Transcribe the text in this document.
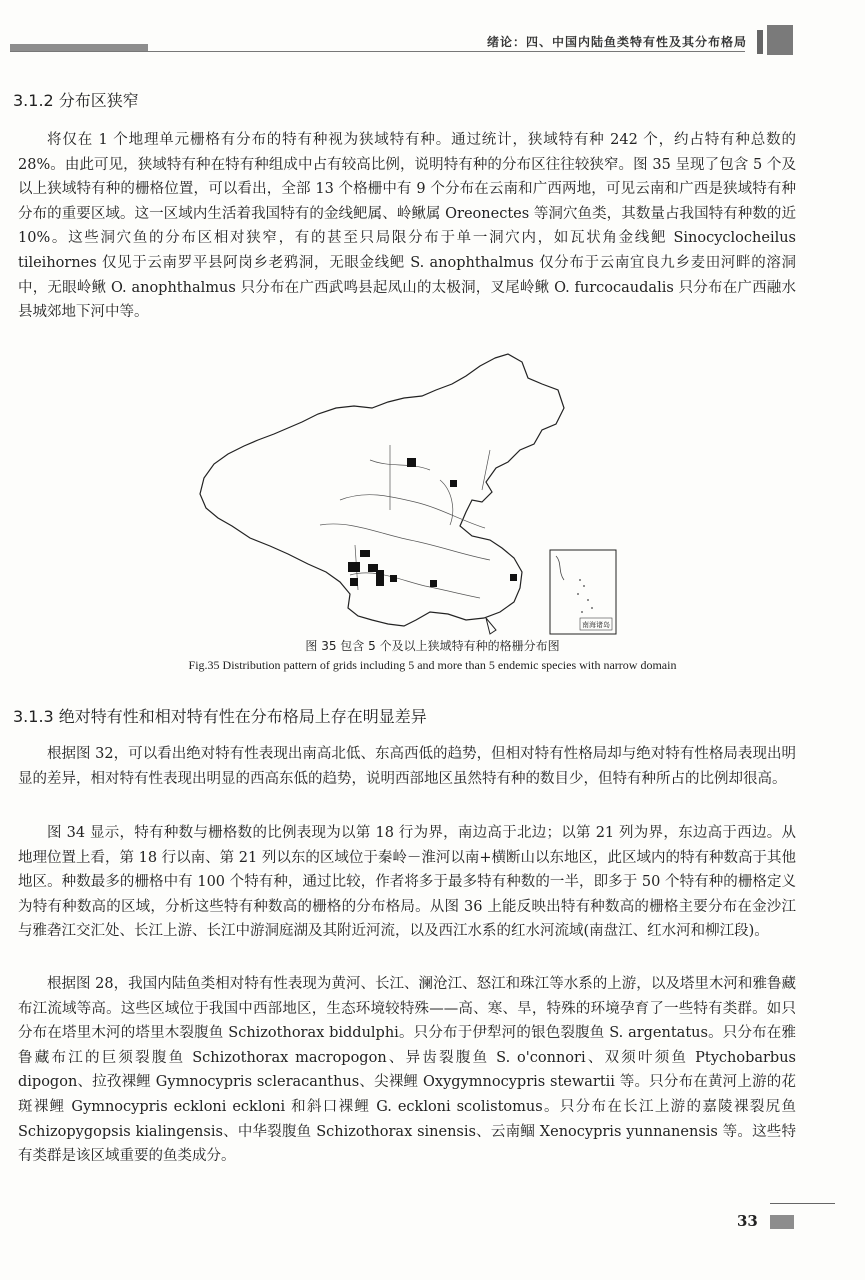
绪论：四、中国内陆鱼类特有性及其分布格局
3.1.2 分布区狭窄

将仅在 1 个地理单元栅格有分布的特有种视为狭域特有种。通过统计，狭域特有种 242 个，约占特有种总数的 28%。由此可见，狭域特有种在特有种组成中占有较高比例，说明特有种的分布区往往较狭窄。图 35 呈现了包含 5 个及以上狭域特有种的栅格位置，可以看出，全部 13 个格栅中有 9 个分布在云南和广西两地，可见云南和广西是狭域特有种分布的重要区域。这一区域内生活着我国特有的金线鲃属、岭鳅属 Oreonectes 等洞穴鱼类，其数量占我国特有种数的近 10%。这些洞穴鱼的分布区相对狭窄，有的甚至只局限分布于单一洞穴内，如瓦状角金线鲃 Sinocyclocheilus tileihornes 仅见于云南罗平县阿岗乡老鸦洞，无眼金线鲃 S. anophthalmus 仅分布于云南宜良九乡麦田河畔的溶洞中，无眼岭鳅 O. anophthalmus 只分布在广西武鸣县起凤山的太极洞，叉尾岭鳅 O. furcocaudalis 只分布在广西融水县城郊地下河中等。

南海诸岛
图 35 包含 5 个及以上狭域特有种的格栅分布图
Fig.35 Distribution pattern of grids including 5 and more than 5 endemic species with narrow domain
3.1.3 绝对特有性和相对特有性在分布格局上存在明显差异

根据图 32，可以看出绝对特有性表现出南高北低、东高西低的趋势，但相对特有性格局却与绝对特有性格局表现出明显的差异，相对特有性表现出明显的西高东低的趋势，说明西部地区虽然特有种的数目少，但特有种所占的比例却很高。

图 34 显示，特有种数与栅格数的比例表现为以第 18 行为界，南边高于北边；以第 21 列为界，东边高于西边。从地理位置上看，第 18 行以南、第 21 列以东的区域位于秦岭－淮河以南+横断山以东地区，此区域内的特有种数高于其他地区。种数最多的栅格中有 100 个特有种，通过比较，作者将多于最多特有种数的一半，即多于 50 个特有种的栅格定义为特有种数高的区域，分析这些特有种数高的栅格的分布格局。从图 36 上能反映出特有种数高的栅格主要分布在金沙江与雅砻江交汇处、长江上游、长江中游洞庭湖及其附近河流，以及西江水系的红水河流域(南盘江、红水河和柳江段)。

根据图 28，我国内陆鱼类相对特有性表现为黄河、长江、澜沧江、怒江和珠江等水系的上游，以及塔里木河和雅鲁藏布江流域等高。这些区域位于我国中西部地区，生态环境较特殊——高、寒、旱，特殊的环境孕育了一些特有类群。如只分布在塔里木河的塔里木裂腹鱼 Schizothorax biddulphi。只分布于伊犁河的银色裂腹鱼 S. argentatus。只分布在雅鲁藏布江的巨须裂腹鱼 Schizothorax macropogon、异齿裂腹鱼 S. o'connori、双须叶须鱼 Ptychobarbus dipogon、拉孜裸鲤 Gymnocypris scleracanthus、尖裸鲤 Oxygymnocypris stewartii 等。只分布在黄河上游的花斑裸鲤 Gymnocypris eckloni eckloni 和斜口裸鲤 G. eckloni scolistomus。只分布在长江上游的嘉陵裸裂尻鱼 Schizopygopsis kialingensis、中华裂腹鱼 Schizothorax sinensis、云南鲴 Xenocypris yunnanensis 等。这些特有类群是该区域重要的鱼类成分。

33
